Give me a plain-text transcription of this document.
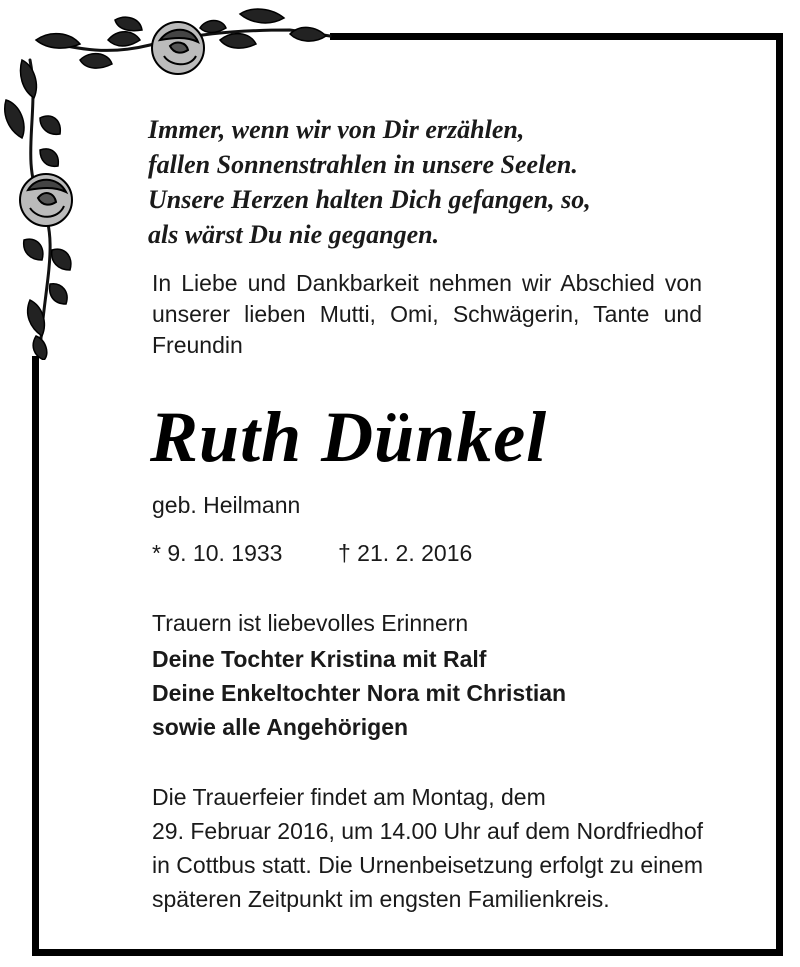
Immer, wenn wir von Dir erzählen,
fallen Sonnenstrahlen in unsere Seelen.
Unsere Herzen halten Dich gefangen, so,
als wärst Du nie gegangen.
In Liebe und Dankbarkeit nehmen wir Abschied von unserer lieben Mutti, Omi, Schwägerin, Tante und Freundin
Ruth Dünkel
geb. Heilmann
* 9. 10. 1933 † 21. 2. 2016
Trauern ist liebevolles Erinnern
Deine Tochter Kristina mit Ralf
Deine Enkeltochter Nora mit Christian
sowie alle Angehörigen
Die Trauerfeier findet am Montag, dem
29. Februar 2016, um 14.00 Uhr auf dem Nordfriedhof
in Cottbus statt. Die Urnenbeisetzung erfolgt zu einem
späteren Zeitpunkt im engsten Familienkreis.
